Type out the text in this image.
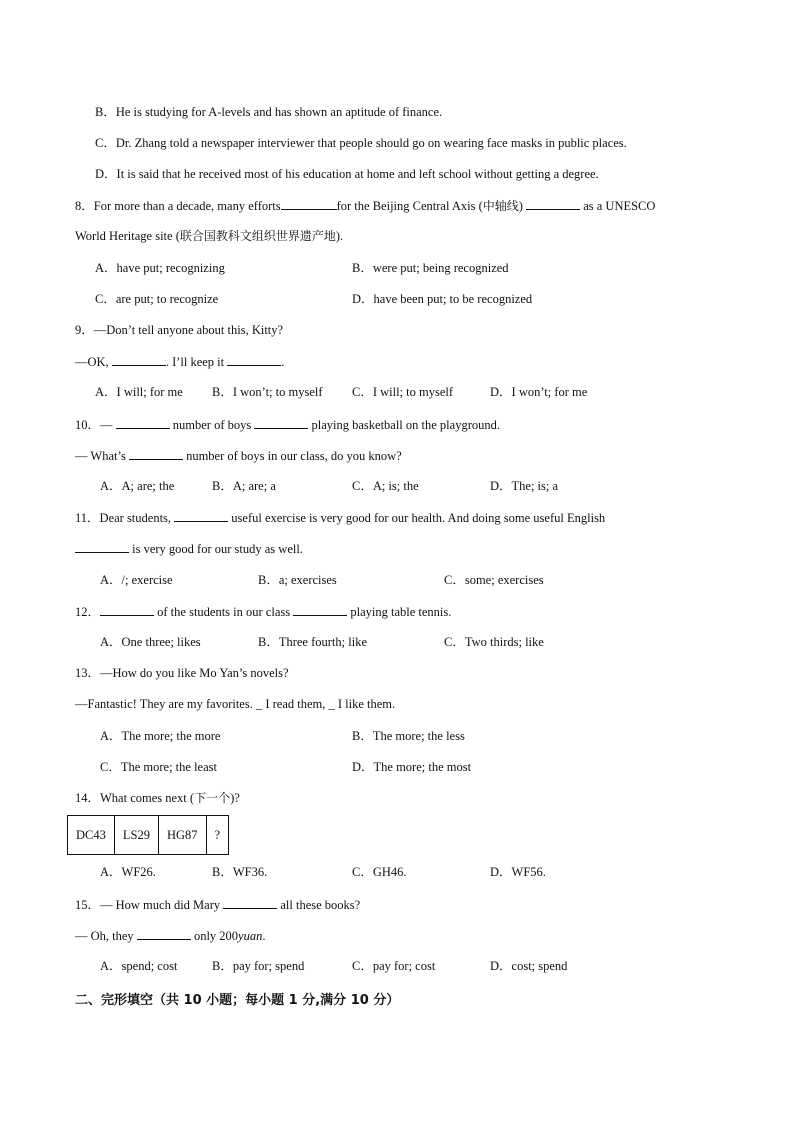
B．He is studying for A-levels and has shown an aptitude of finance.
C．Dr. Zhang told a newspaper interviewer that people should go on wearing face masks in public places.
D．It is said that he received most of his education at home and left school without getting a degree.
8．For more than a decade, many efforts	for the Beijing Central Axis (中轴线)	as a UNESCO
World Heritage site (联合国教科文组织世界遗产地).
A．have put; recognizing	B．were put; being recognized
C．are put; to recognize	D．have been put; to be recognized
9．—Don’t tell anyone about this, Kitty?
—OK,	. I’ll keep it	.
A．I will; for me B．I won’t; to myself C．I will; to myself	D．I won’t; for me
10．—	number of boys	playing basketball on the playground.
— What’s	number of boys in our class, do you know?
A．A; are; the	B．A; are; a	C．A; is; the	D．The; is; a
11．Dear students,	useful exercise is very good for our health. And doing some useful English
is very good for our study as well.
A．/; exercise	B．a; exercises	C．some; exercises
12．	of the students in our class	playing table tennis.
A．One three; likes	B．Three fourth; like	C．Two thirds; like
13．—How do you like Mo Yan’s novels?
—Fantastic! They are my favorites. _ I read them, _ I like them.
A．The more; the more	B．The more; the less
C．The more; the least	D．The more; the most
14．What comes next (下一个)?
DC43	LS29	HG87	?
A．WF26.	B．WF36.	C．GH46.	D．WF56.
15．— How much did Mary	all these books?
— Oh, they	only 200yuan.
A．spend; cost	B．pay for; spend	C．pay for; cost	D．cost; spend
二、完形填空（共 10 小题；每小题 1 分,满分 10 分）
